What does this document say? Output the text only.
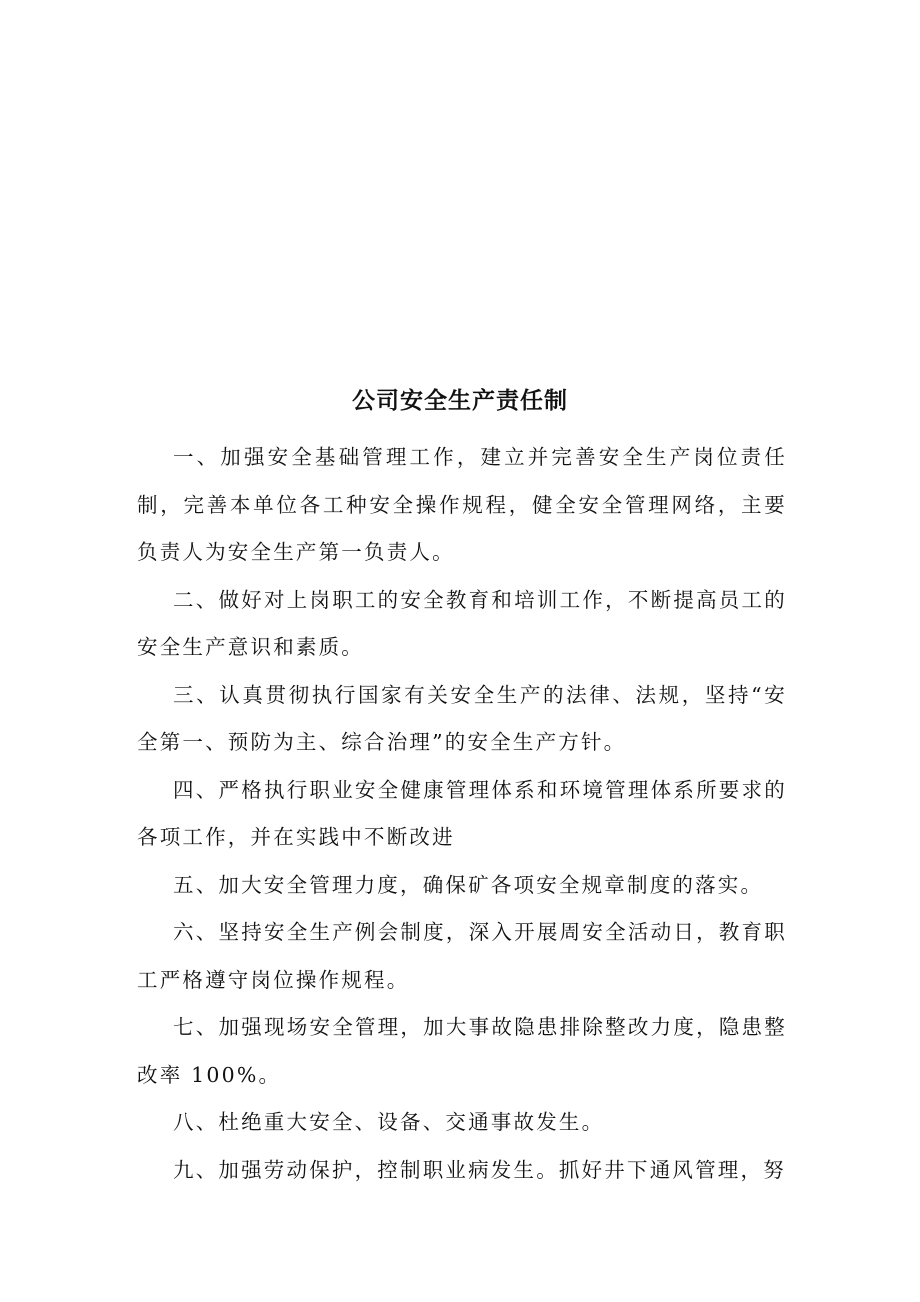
公司安全生产责任制

一、加强安全基础管理工作，建立并完善安全生产岗位责任制，完善本单位各工种安全操作规程，健全安全管理网络，主要负责人为安全生产第一负责人。

二、做好对上岗职工的安全教育和培训工作，不断提高员工的安全生产意识和素质。

三、认真贯彻执行国家有关安全生产的法律、法规，坚持“安全第一、预防为主、综合治理”的安全生产方针。

四、严格执行职业安全健康管理体系和环境管理体系所要求的各项工作，并在实践中不断改进

五、加大安全管理力度，确保矿各项安全规章制度的落实。

六、坚持安全生产例会制度，深入开展周安全活动日，教育职工严格遵守岗位操作规程。

七、加强现场安全管理，加大事故隐患排除整改力度，隐患整改率 100%。

八、杜绝重大安全、设备、交通事故发生。

九、加强劳动保护，控制职业病发生。抓好井下通风管理，努
